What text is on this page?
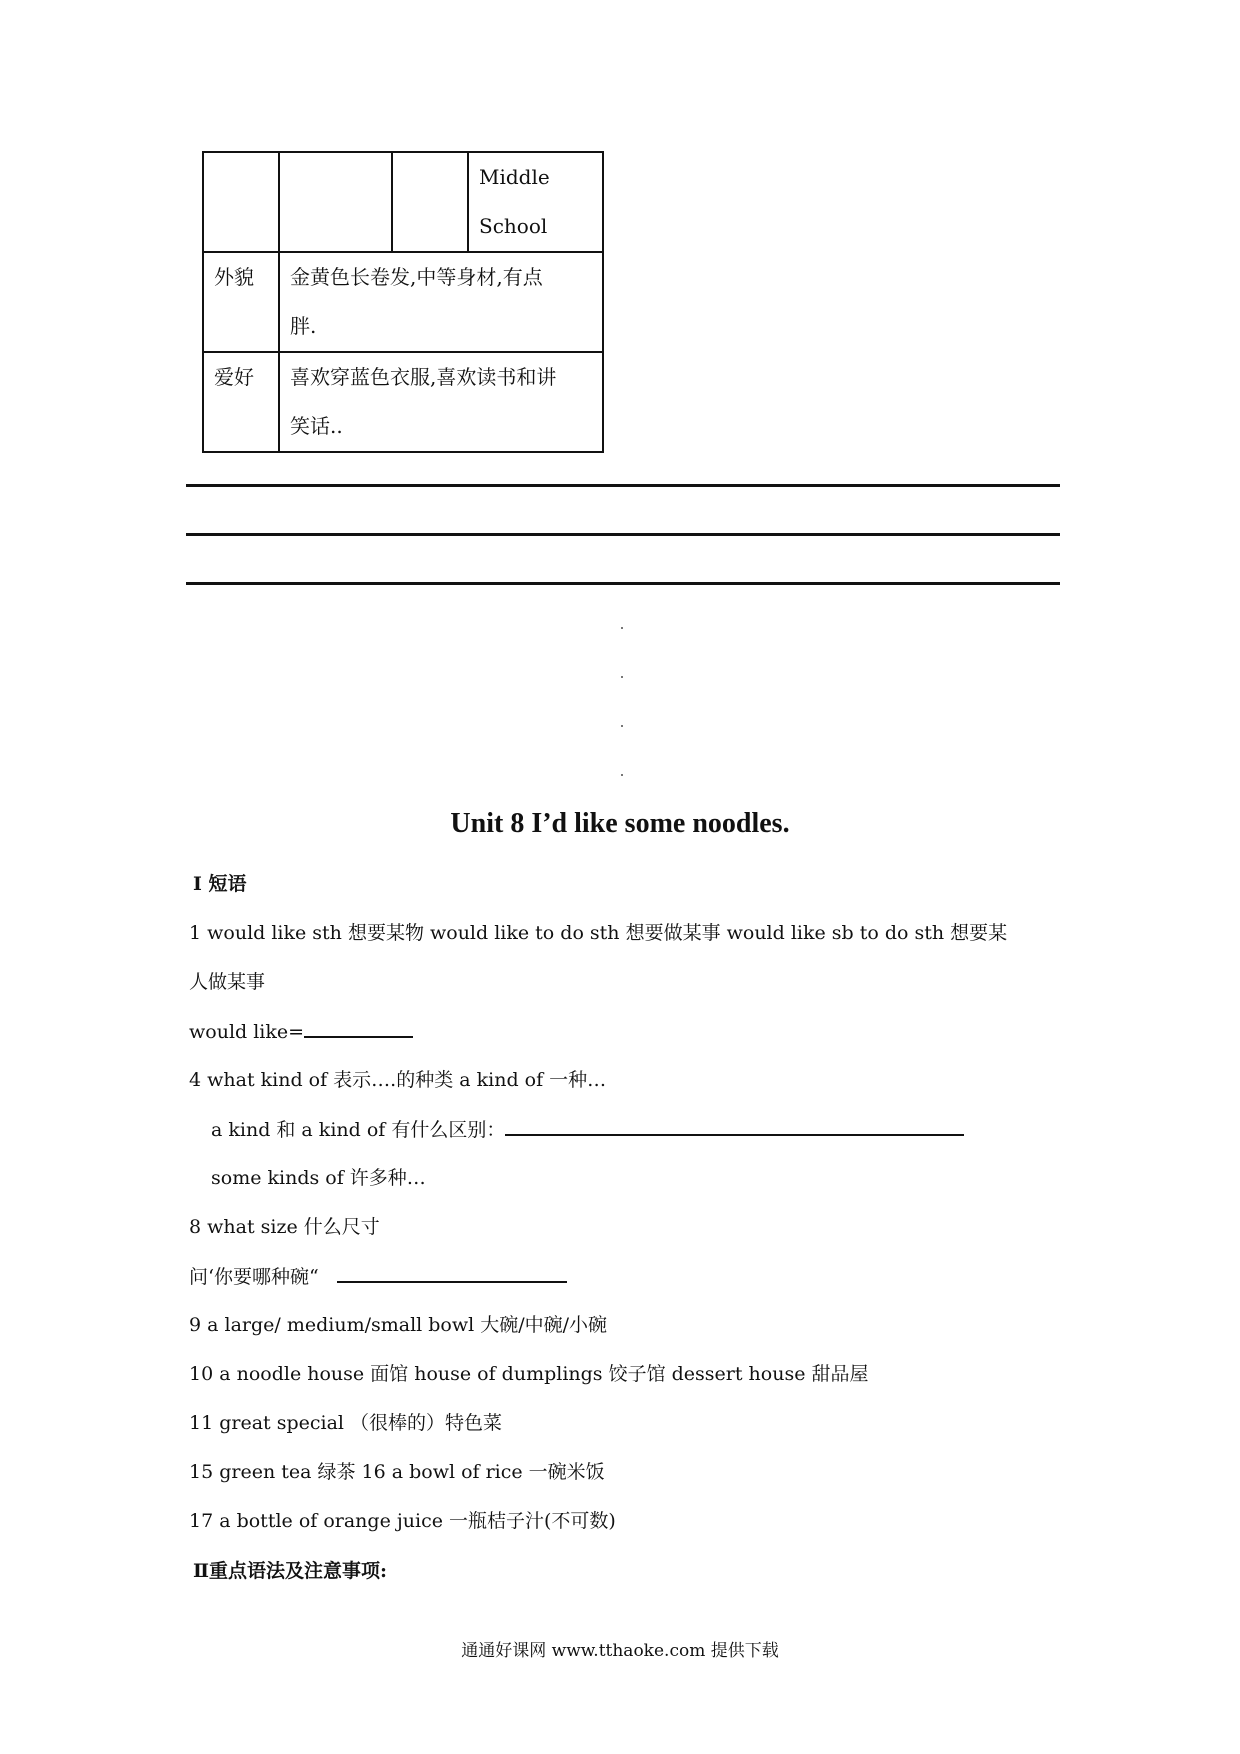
			Middle
School

外貌	金黄色长卷发,中等身材,有点
胖.		

爱好	喜欢穿蓝色衣服,喜欢读书和讲
笑话..		
Unit 8 I’d like some noodles.
I 短语
1 would like sth 想要某物 would like to do sth 想要做某事 would like sb to do sth 想要某
人做某事
would like=
4 what kind of 表示….的种类 a kind of 一种…
a kind 和 a kind of 有什么区别：
some kinds of 许多种…
8 what size 什么尺寸
问‘你要哪种碗“
9 a large/ medium/small bowl 大碗/中碗/小碗
10 a noodle house 面馆 house of dumplings 饺子馆 dessert house 甜品屋
11 great special （很棒的）特色菜
15 green tea 绿茶 16 a bowl of rice 一碗米饭
17 a bottle of orange juice 一瓶桔子汁(不可数)
Ⅱ重点语法及注意事项:
通通好课网 www.tthaoke.com 提供下载
